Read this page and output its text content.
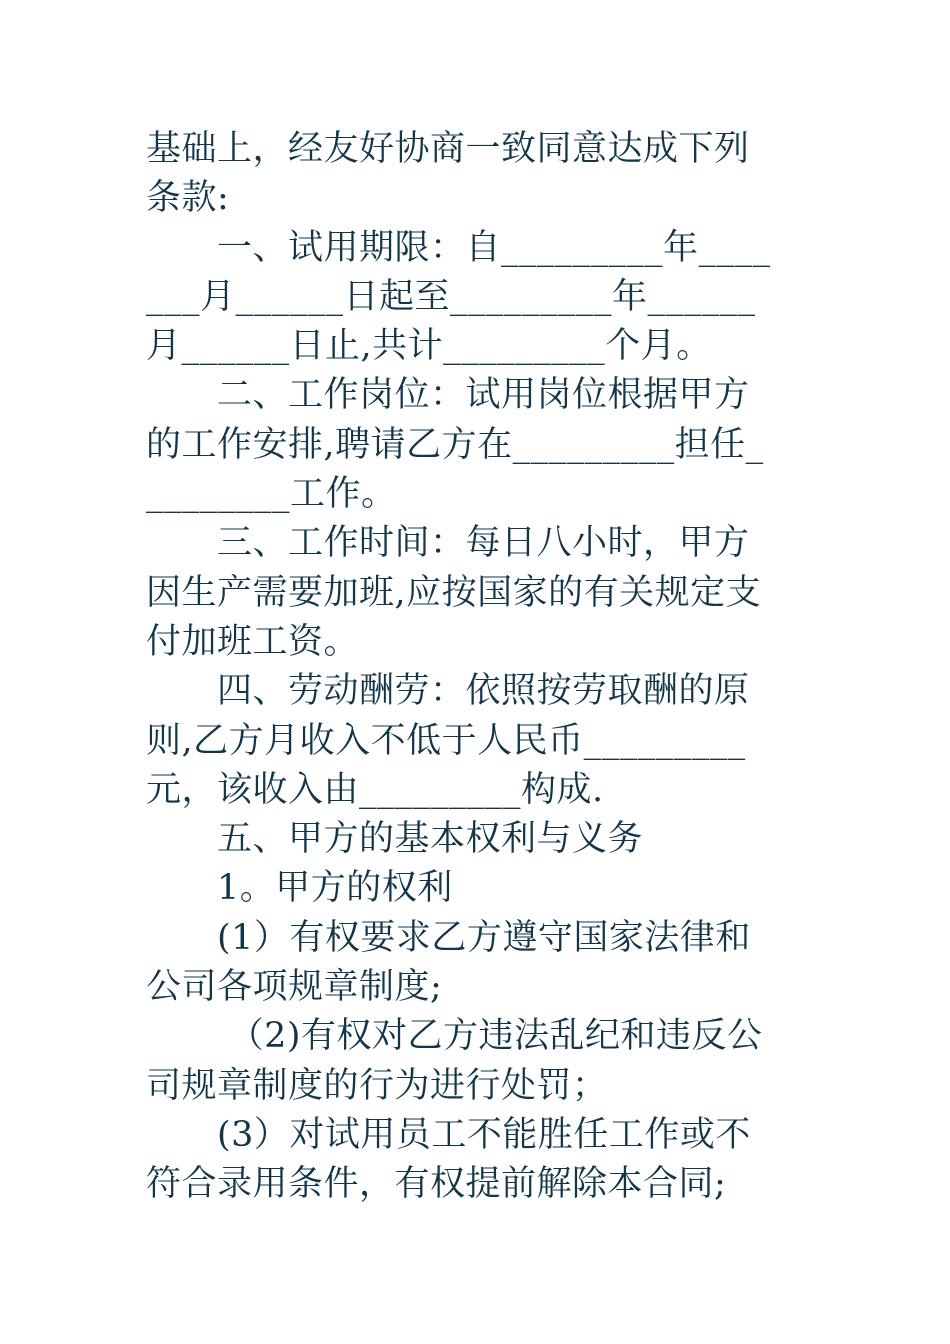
基础上，经友好协商一致同意达成下列
条款:
　　一、试用期限：自_________年____
___月______日起至_________年______
月______日止,共计_________个月。
　　二、工作岗位：试用岗位根据甲方
的工作安排,聘请乙方在_________担任_
________工作。
　　三、工作时间：每日八小时，甲方
因生产需要加班,应按国家的有关规定支
付加班工资。
　　四、劳动酬劳：依照按劳取酬的原
则,乙方月收入不低于人民币_________
元，该收入由_________构成.
　　五、甲方的基本权利与义务
　　1。甲方的权利
　　(1）有权要求乙方遵守国家法律和
公司各项规章制度;
　　 （2)有权对乙方违法乱纪和违反公
司规章制度的行为进行处罚；
　　(3）对试用员工不能胜任工作或不
符合录用条件，有权提前解除本合同;
